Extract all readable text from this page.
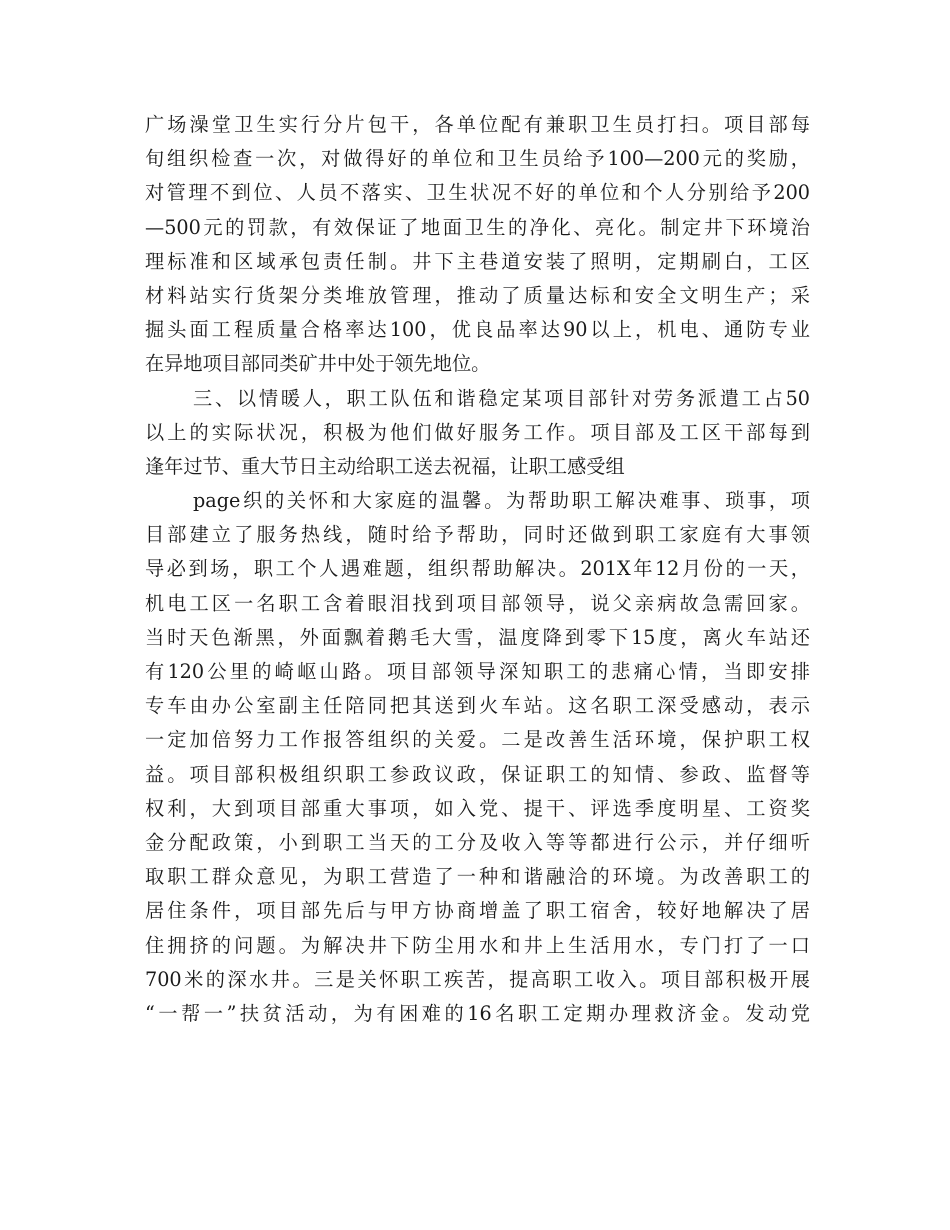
广场澡堂卫生实行分片包干，各单位配有兼职卫生员打扫。项目部每
旬组织检查一次，对做得好的单位和卫生员给予100—200元的奖励，
对管理不到位、人员不落实、卫生状况不好的单位和个人分别给予200
—500元的罚款，有效保证了地面卫生的净化、亮化。制定井下环境治
理标准和区域承包责任制。井下主巷道安装了照明，定期刷白，工区
材料站实行货架分类堆放管理，推动了质量达标和安全文明生产；采
掘头面工程质量合格率达100，优良品率达90以上，机电、通防专业
在异地项目部同类矿井中处于领先地位。
三、以情暖人，职工队伍和谐稳定某项目部针对劳务派遣工占50
以上的实际状况，积极为他们做好服务工作。项目部及工区干部每到
逢年过节、重大节日主动给职工送去祝福，让职工感受组
page织的关怀和大家庭的温馨。为帮助职工解决难事、琐事，项
目部建立了服务热线，随时给予帮助，同时还做到职工家庭有大事领
导必到场，职工个人遇难题，组织帮助解决。201X年12月份的一天，
机电工区一名职工含着眼泪找到项目部领导，说父亲病故急需回家。
当时天色渐黑，外面飘着鹅毛大雪，温度降到零下15度，离火车站还
有120公里的崎岖山路。项目部领导深知职工的悲痛心情，当即安排
专车由办公室副主任陪同把其送到火车站。这名职工深受感动，表示
一定加倍努力工作报答组织的关爱。二是改善生活环境，保护职工权
益。项目部积极组织职工参政议政，保证职工的知情、参政、监督等
权利，大到项目部重大事项，如入党、提干、评选季度明星、工资奖
金分配政策，小到职工当天的工分及收入等等都进行公示，并仔细听
取职工群众意见，为职工营造了一种和谐融洽的环境。为改善职工的
居住条件，项目部先后与甲方协商增盖了职工宿舍，较好地解决了居
住拥挤的问题。为解决井下防尘用水和井上生活用水，专门打了一口
700米的深水井。三是关怀职工疾苦，提高职工收入。项目部积极开展
“一帮一”扶贫活动，为有困难的16名职工定期办理救济金。发动党
